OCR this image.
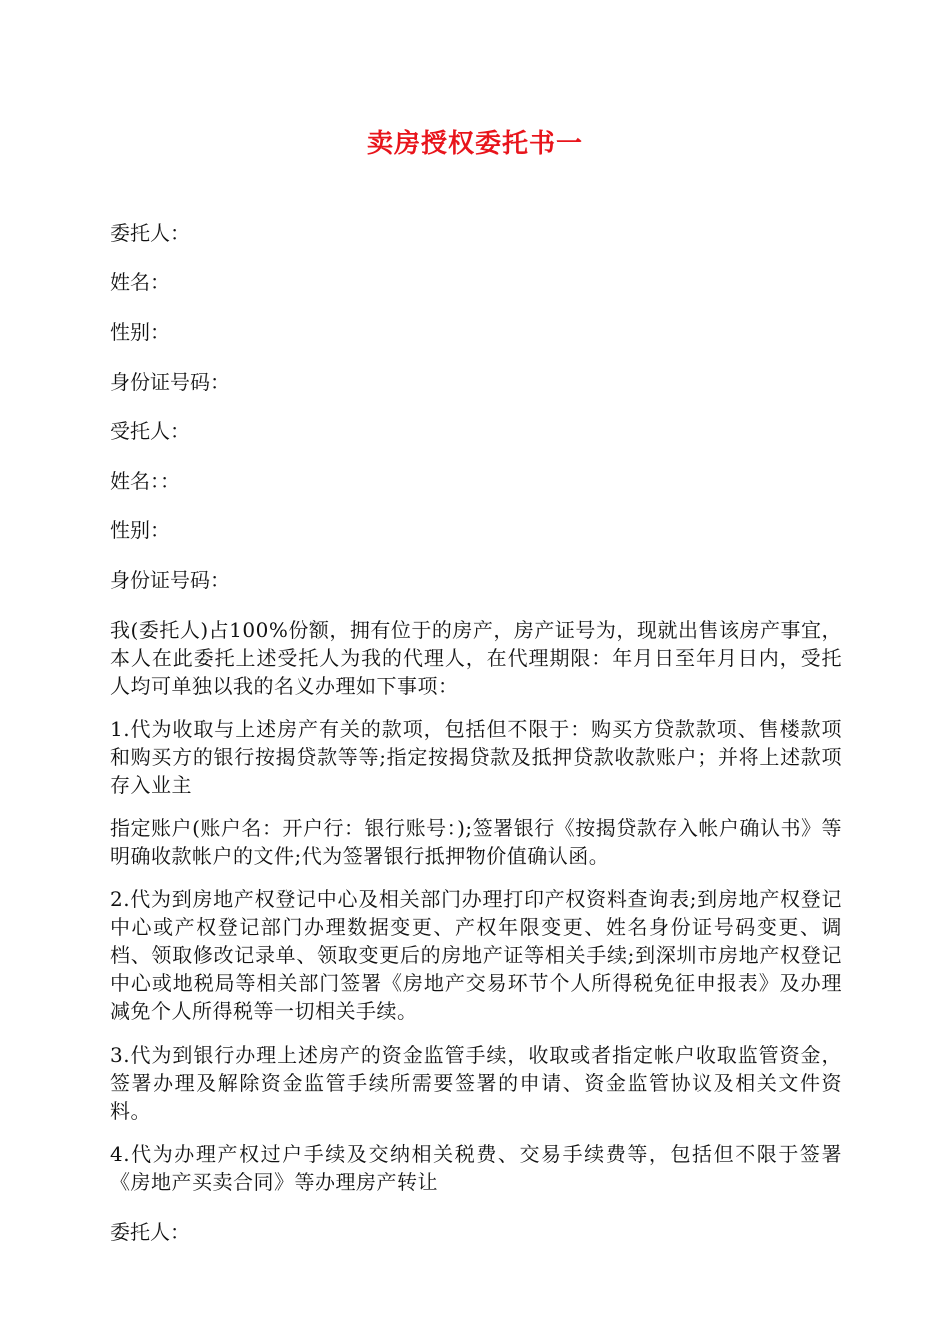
卖房授权委托书一
委托人：
姓名：
性别：
身份证号码：
受托人：
姓名：：
性别：
身份证号码：
我(委托人)占100%份额，拥有位于的房产，房产证号为，现就出售该房产事宜，本人在此委托上述受托人为我的代理人，在代理期限：年月日至年月日内，受托人均可单独以我的名义办理如下事项：
1.代为收取与上述房产有关的款项，包括但不限于：购买方贷款款项、售楼款项和购买方的银行按揭贷款等等;指定按揭贷款及抵押贷款收款账户；并将上述款项存入业主
指定账户(账户名：开户行：银行账号：);签署银行《按揭贷款存入帐户确认书》等明确收款帐户的文件;代为签署银行抵押物价值确认函。
2.代为到房地产权登记中心及相关部门办理打印产权资料查询表;到房地产权登记中心或产权登记部门办理数据变更、产权年限变更、姓名身份证号码变更、调档、领取修改记录单、领取变更后的房地产证等相关手续;到深圳市房地产权登记中心或地税局等相关部门签署《房地产交易环节个人所得税免征申报表》及办理减免个人所得税等一切相关手续。
3.代为到银行办理上述房产的资金监管手续，收取或者指定帐户收取监管资金，签署办理及解除资金监管手续所需要签署的申请、资金监管协议及相关文件资料。
4.代为办理产权过户手续及交纳相关税费、交易手续费等，包括但不限于签署《房地产买卖合同》等办理房产转让
委托人：
